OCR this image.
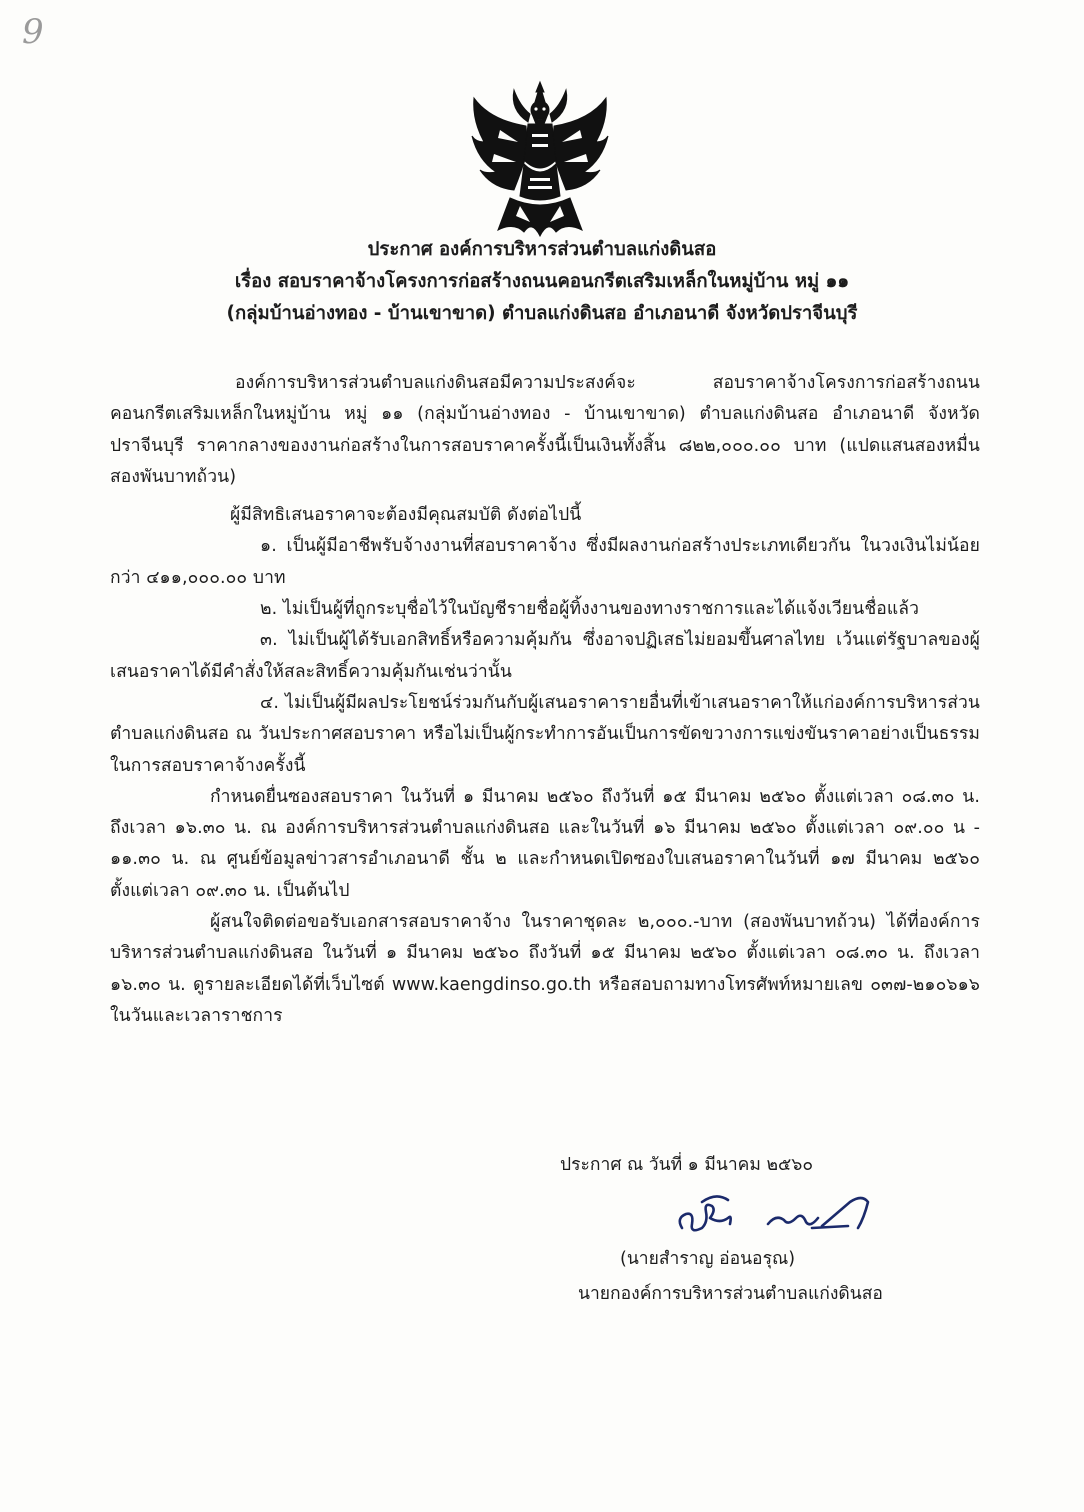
9
ประกาศ องค์การบริหารส่วนตำบลแก่งดินสอ
เรื่อง สอบราคาจ้างโครงการก่อสร้างถนนคอนกรีตเสริมเหล็กในหมู่บ้าน หมู่ ๑๑
(กลุ่มบ้านอ่างทอง - บ้านเขาขาด) ตำบลแก่งดินสอ อำเภอนาดี จังหวัดปราจีนบุรี

องค์การบริหารส่วนตำบลแก่งดินสอมีความประสงค์จะ สอบราคาจ้างโครงการก่อสร้างถนนคอนกรีตเสริมเหล็กในหมู่บ้าน หมู่ ๑๑ (กลุ่มบ้านอ่างทอง - บ้านเขาขาด) ตำบลแก่งดินสอ อำเภอนาดี จังหวัดปราจีนบุรี ราคากลางของงานก่อสร้างในการสอบราคาครั้งนี้เป็นเงินทั้งสิ้น ๘๒๒,๐๐๐.๐๐ บาท (แปดแสนสองหมื่นสองพันบาทถ้วน)

ผู้มีสิทธิเสนอราคาจะต้องมีคุณสมบัติ ดังต่อไปนี้

๑. เป็นผู้มีอาชีพรับจ้างงานที่สอบราคาจ้าง ซึ่งมีผลงานก่อสร้างประเภทเดียวกัน ในวงเงินไม่น้อยกว่า ๔๑๑,๐๐๐.๐๐ บาท

๒. ไม่เป็นผู้ที่ถูกระบุชื่อไว้ในบัญชีรายชื่อผู้ทิ้งงานของทางราชการและได้แจ้งเวียนชื่อแล้ว

๓. ไม่เป็นผู้ได้รับเอกสิทธิ์หรือความคุ้มกัน ซึ่งอาจปฏิเสธไม่ยอมขึ้นศาลไทย เว้นแต่รัฐบาลของผู้เสนอราคาได้มีคำสั่งให้สละสิทธิ์ความคุ้มกันเช่นว่านั้น

๔. ไม่เป็นผู้มีผลประโยชน์ร่วมกันกับผู้เสนอราคารายอื่นที่เข้าเสนอราคาให้แก่องค์การบริหารส่วนตำบลแก่งดินสอ ณ วันประกาศสอบราคา หรือไม่เป็นผู้กระทำการอันเป็นการขัดขวางการแข่งขันราคาอย่างเป็นธรรมในการสอบราคาจ้างครั้งนี้

กำหนดยื่นซองสอบราคา ในวันที่ ๑ มีนาคม ๒๕๖๐ ถึงวันที่ ๑๕ มีนาคม ๒๕๖๐ ตั้งแต่เวลา ๐๘.๓๐ น. ถึงเวลา ๑๖.๓๐ น. ณ องค์การบริหารส่วนตำบลแก่งดินสอ และในวันที่ ๑๖ มีนาคม ๒๕๖๐ ตั้งแต่เวลา ๐๙.๐๐ น - ๑๑.๓๐ น. ณ ศูนย์ข้อมูลข่าวสารอำเภอนาดี ชั้น ๒ และกำหนดเปิดซองใบเสนอราคาในวันที่ ๑๗ มีนาคม ๒๕๖๐ ตั้งแต่เวลา ๐๙.๓๐ น. เป็นต้นไป

ผู้สนใจติดต่อขอรับเอกสารสอบราคาจ้าง ในราคาชุดละ ๒,๐๐๐.-บาท (สองพันบาทถ้วน) ได้ที่องค์การบริหารส่วนตำบลแก่งดินสอ ในวันที่ ๑ มีนาคม ๒๕๖๐ ถึงวันที่ ๑๕ มีนาคม ๒๕๖๐ ตั้งแต่เวลา ๐๘.๓๐ น. ถึงเวลา ๑๖.๓๐ น. ดูรายละเอียดได้ที่เว็บไซต์ www.kaengdinso.go.th หรือสอบถามทางโทรศัพท์หมายเลข ๐๓๗-๒๑๐๖๑๖ ในวันและเวลาราชการ

ประกาศ ณ วันที่ ๑ มีนาคม ๒๕๖๐
(นายสำราญ อ่อนอรุณ)
นายกองค์การบริหารส่วนตำบลแก่งดินสอ
